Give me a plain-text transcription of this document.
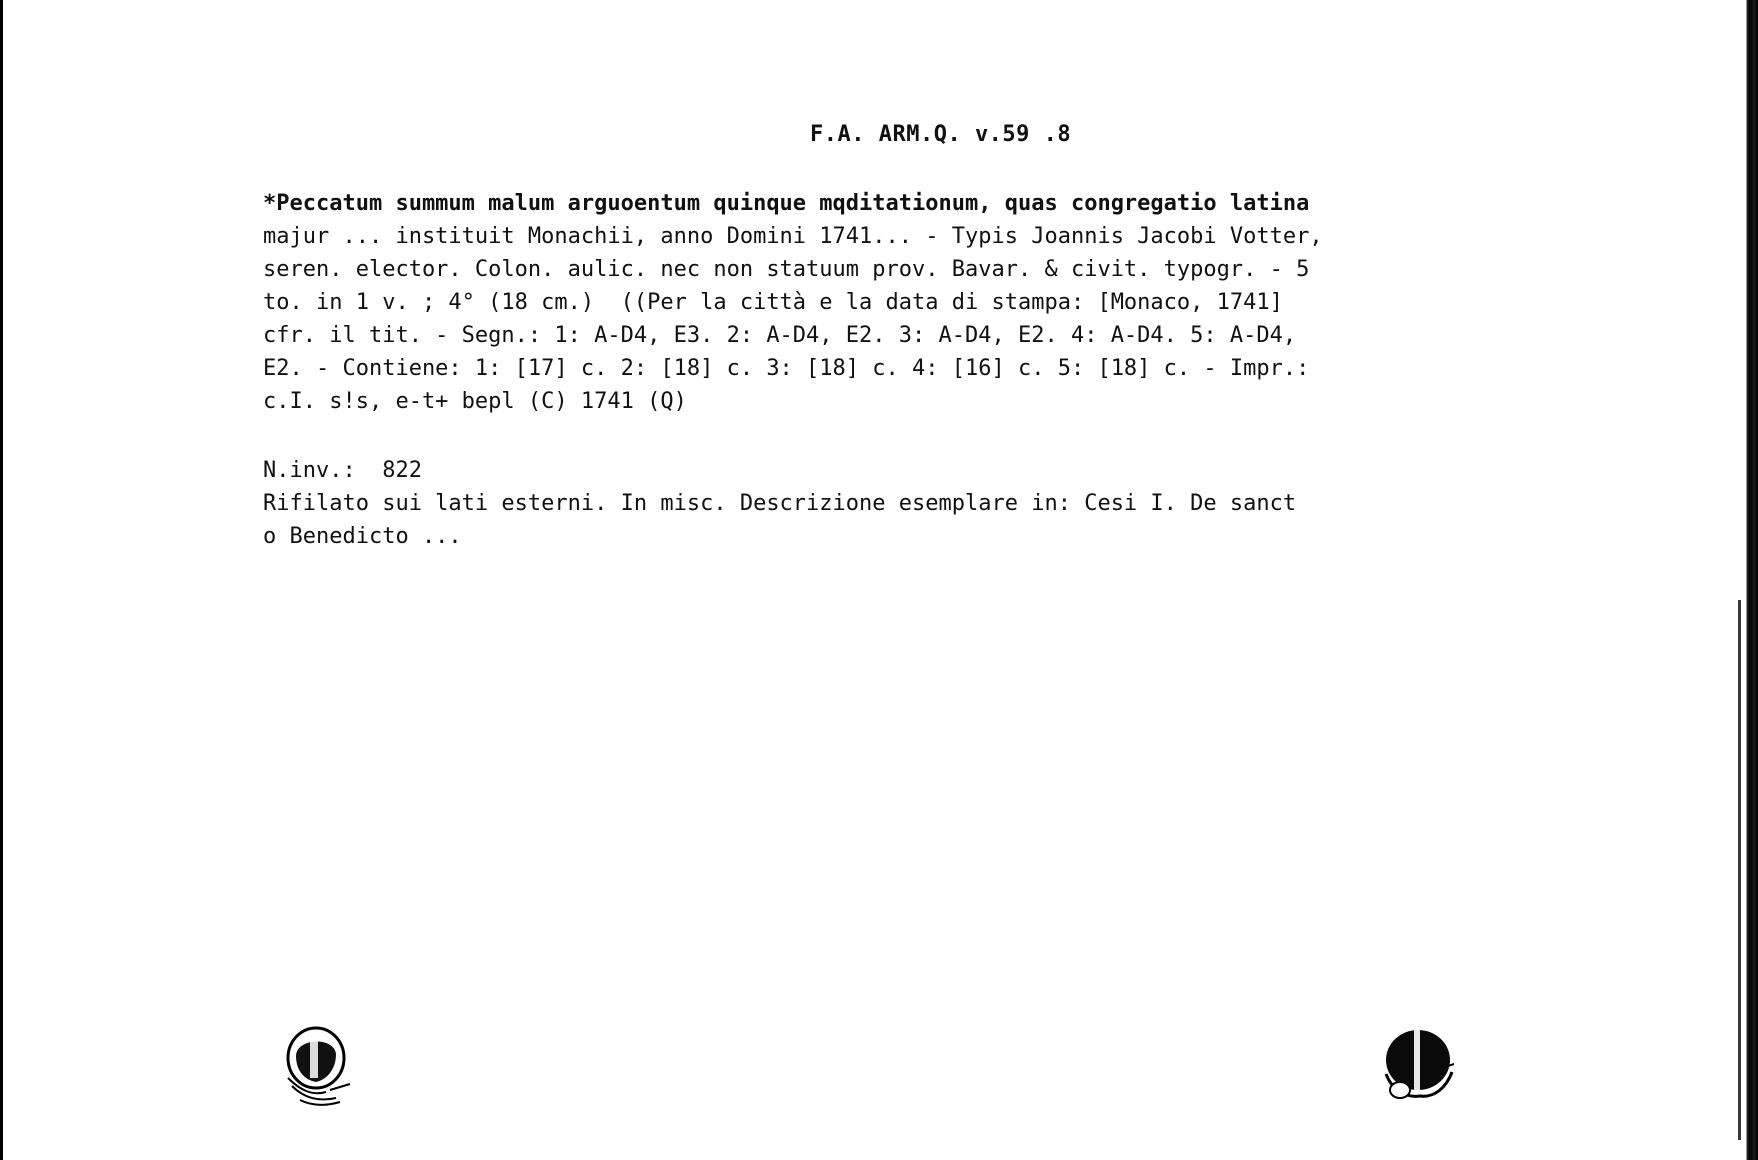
F.A. ARM.Q. v.59 .8
*Peccatum summum malum arguoentum quinque mqditationum, quas congregatio latina
majur ... instituit Monachii, anno Domini 1741... - Typis Joannis Jacobi Votter,
seren. elector. Colon. aulic. nec non statuum prov. Bavar. & civit. typogr. - 5
to. in 1 v. ; 4° (18 cm.)  ((Per la città e la data di stampa: [Monaco, 1741]
cfr. il tit. - Segn.: 1: A-D4, E3. 2: A-D4, E2. 3: A-D4, E2. 4: A-D4. 5: A-D4,
E2. - Contiene: 1: [17] c. 2: [18] c. 3: [18] c. 4: [16] c. 5: [18] c. - Impr.:
c.I. s!s, e-t+ bepl (C) 1741 (Q)
N.inv.:  822
Rifilato sui lati esterni. In misc. Descrizione esemplare in: Cesi I. De sanct
o Benedicto ...
